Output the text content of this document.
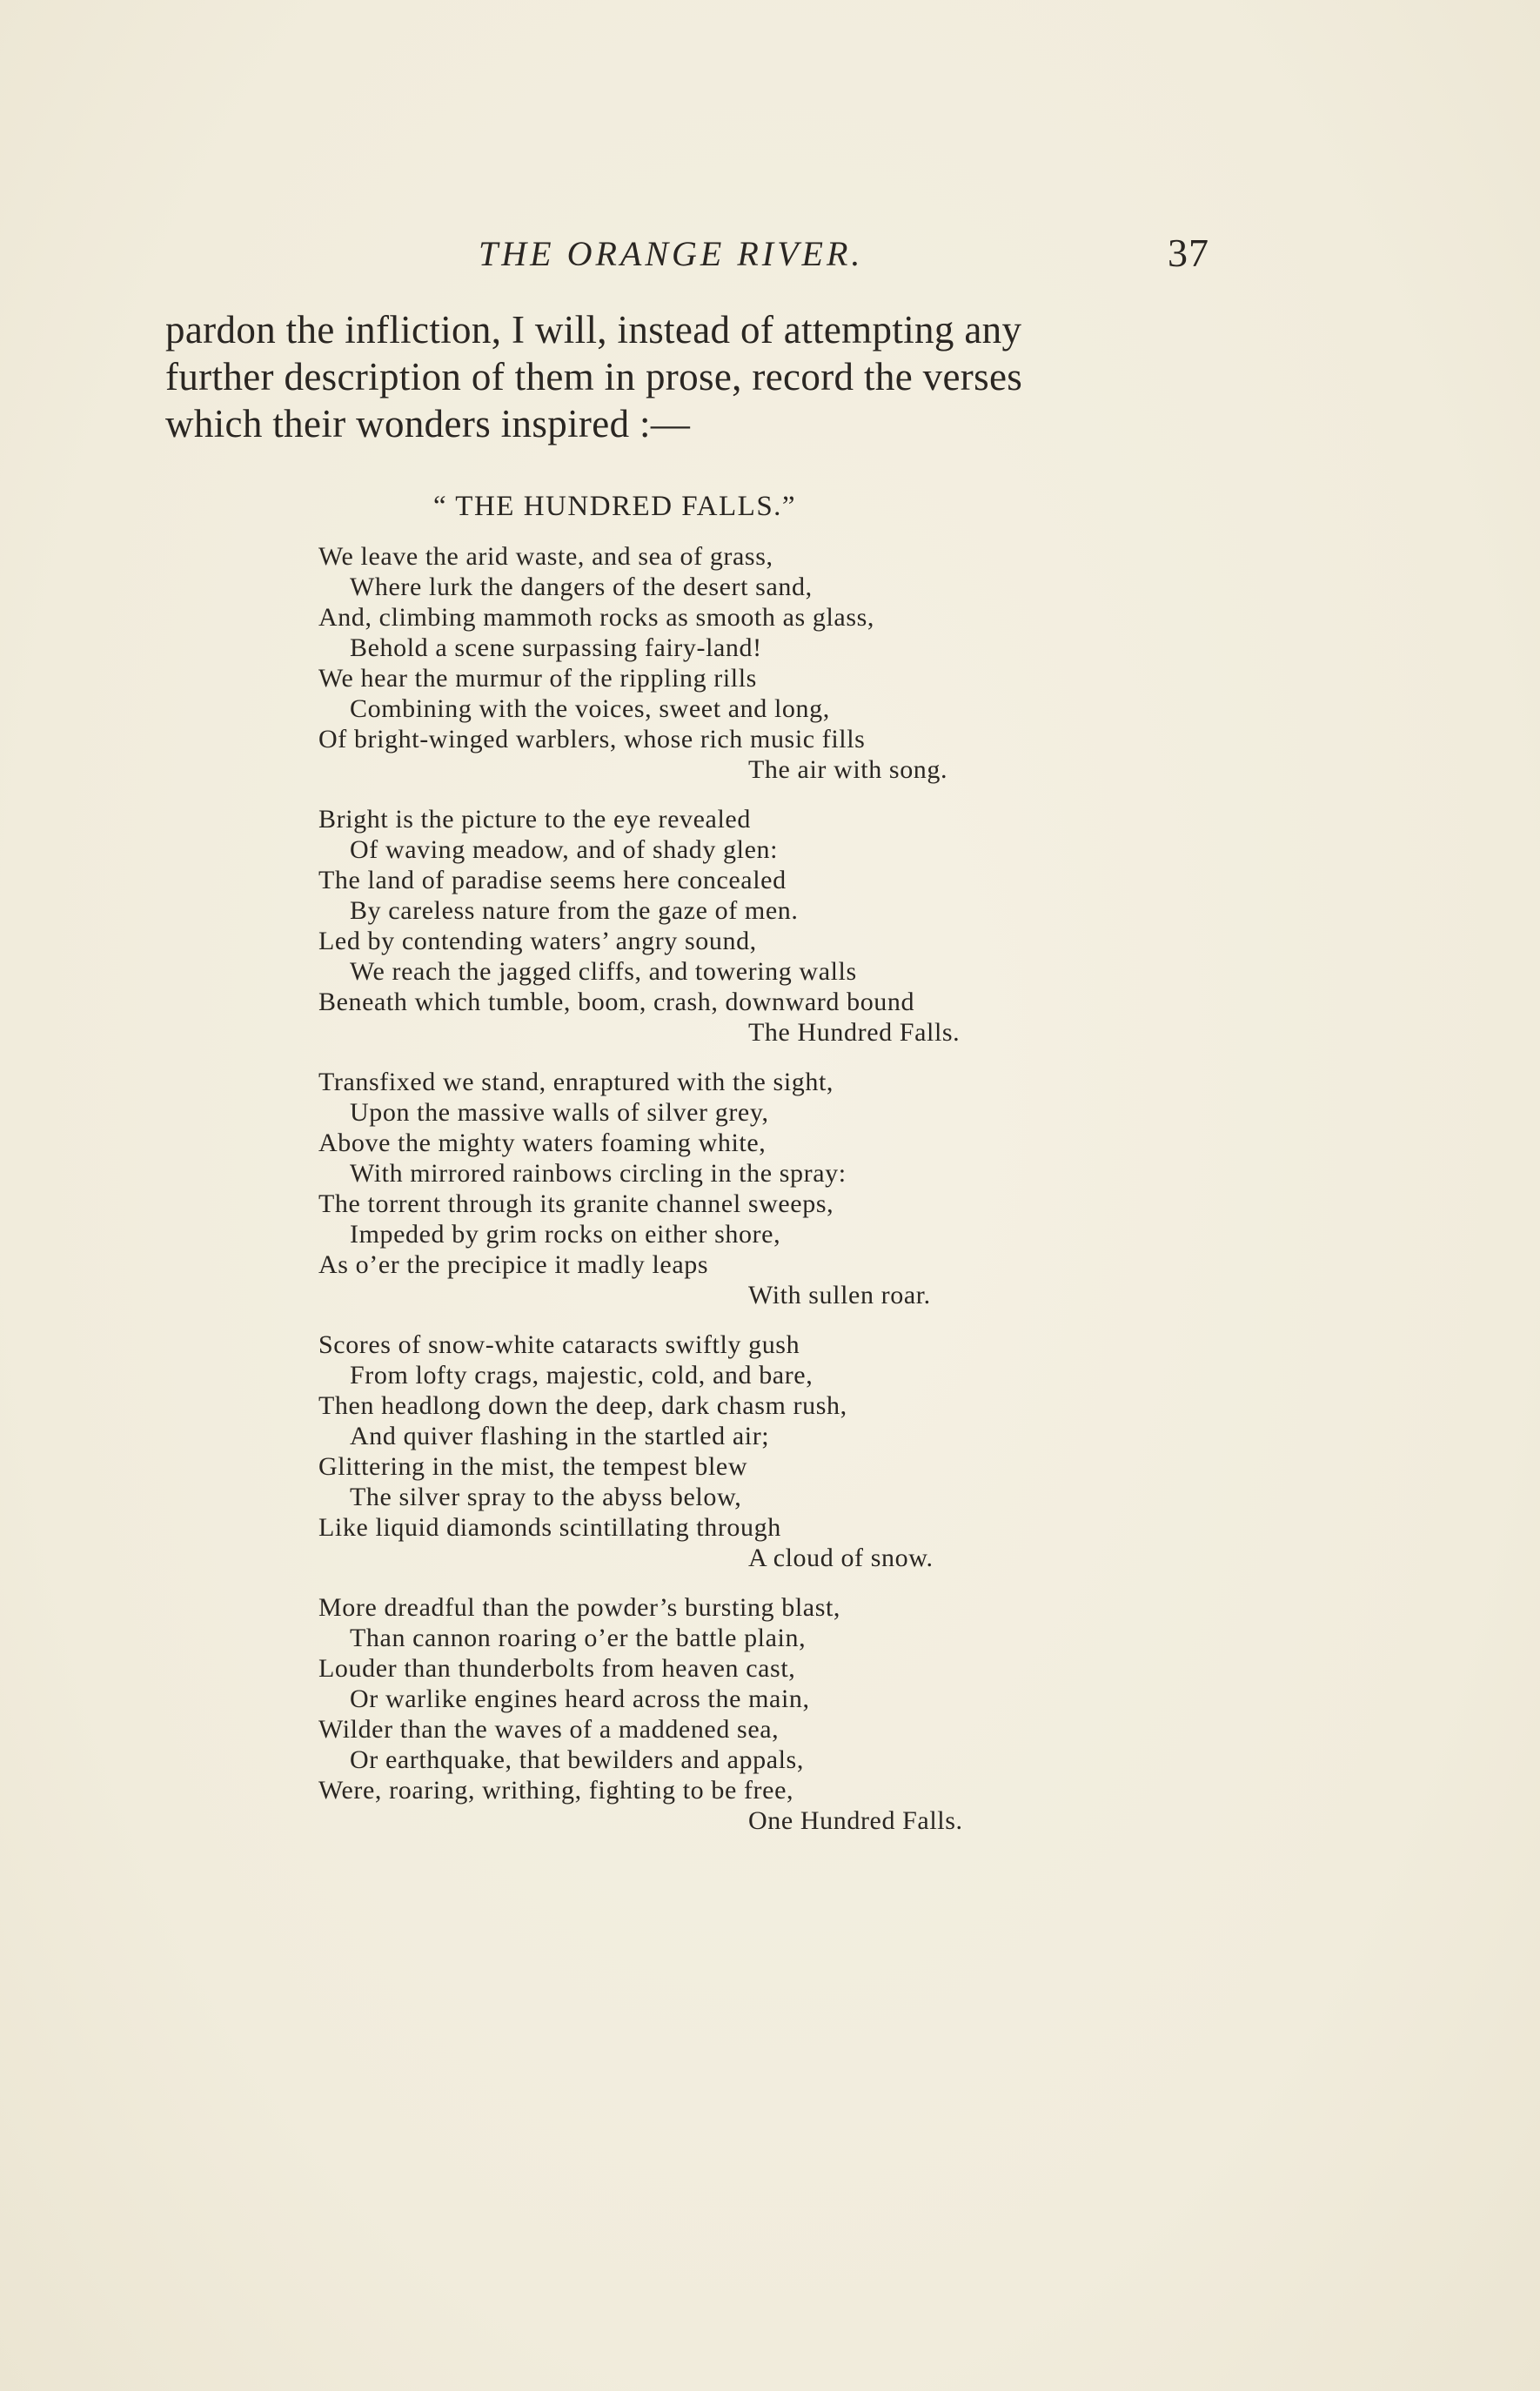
THE ORANGE RIVER.	37
pardon the infliction, I will, instead of attempting any
further description of them in prose, record the verses
which their wonders inspired :—
“ THE HUNDRED FALLS.”
We leave the arid waste, and sea of grass,
Where lurk the dangers of the desert sand,
And, climbing mammoth rocks as smooth as glass,
Behold a scene surpassing fairy-land!
We hear the murmur of the rippling rills
Combining with the voices, sweet and long,
Of bright-winged warblers, whose rich music fills
The air with song.
Bright is the picture to the eye revealed
Of waving meadow, and of shady glen:
The land of paradise seems here concealed
By careless nature from the gaze of men.
Led by contending waters’ angry sound,
We reach the jagged cliffs, and towering walls
Beneath which tumble, boom, crash, downward bound
The Hundred Falls.
Transfixed we stand, enraptured with the sight,
Upon the massive walls of silver grey,
Above the mighty waters foaming white,
With mirrored rainbows circling in the spray:
The torrent through its granite channel sweeps,
Impeded by grim rocks on either shore,
As o’er the precipice it madly leaps
With sullen roar.
Scores of snow-white cataracts swiftly gush
From lofty crags, majestic, cold, and bare,
Then headlong down the deep, dark chasm rush,
And quiver flashing in the startled air;
Glittering in the mist, the tempest blew
The silver spray to the abyss below,
Like liquid diamonds scintillating through
A cloud of snow.
More dreadful than the powder’s bursting blast,
Than cannon roaring o’er the battle plain,
Louder than thunderbolts from heaven cast,
Or warlike engines heard across the main,
Wilder than the waves of a maddened sea,
Or earthquake, that bewilders and appals,
Were, roaring, writhing, fighting to be free,
One Hundred Falls.
